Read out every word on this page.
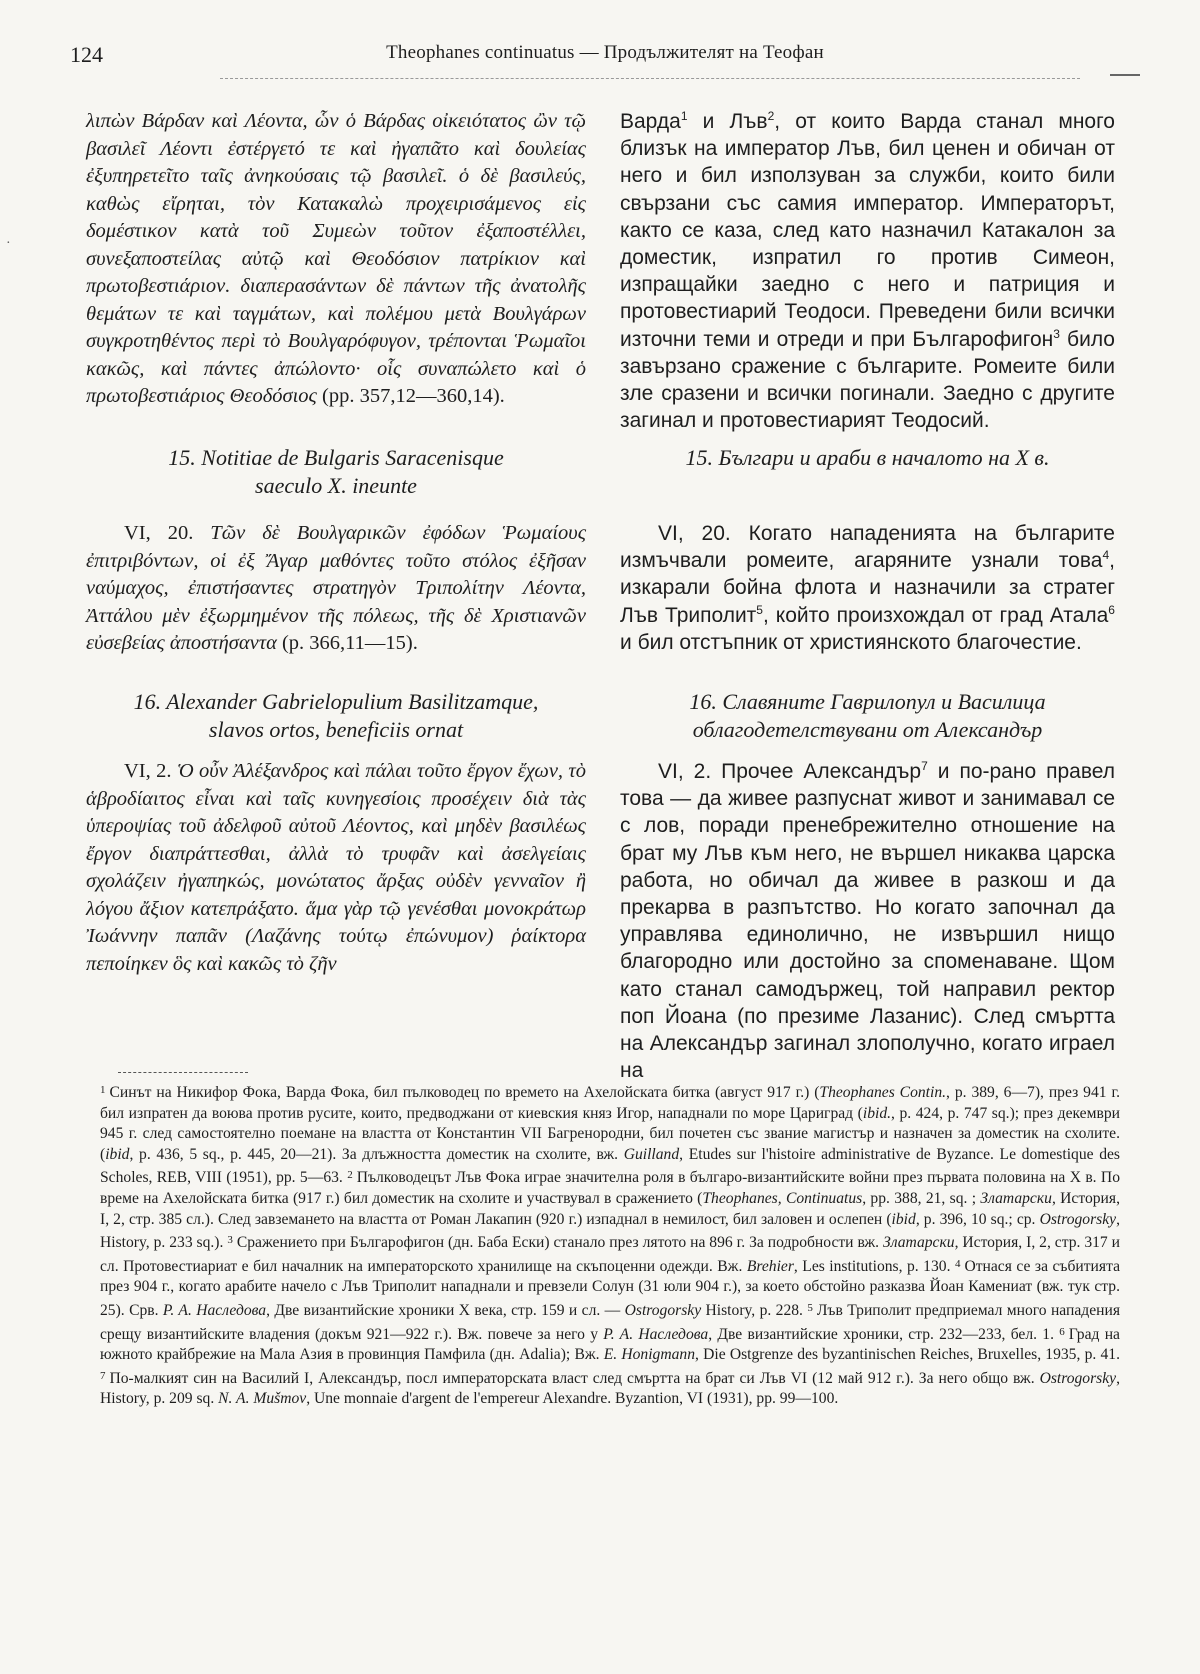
124	Theophanes continuatus — Продължителят на Теофан
·

λιπὼν Βάρδαν καὶ Λέοντα, ὧν ὁ Βάρδας οἰκειότατος ὢν τῷ βασιλεῖ Λέοντι ἐστέργετό τε καὶ ἠγαπᾶτο καὶ δουλείας ἐξυπηρετεῖτο ταῖς ἀνηκούσαις τῷ βασιλεῖ. ὁ δὲ βασιλεύς, καθὼς εἴρηται, τὸν Κατακαλὼ προχειρισάμενος εἰς δομέστικον κατὰ τοῦ Συμεὼν τοῦτον ἐξαποστέλλει, συνεξαποστείλας αὐτῷ καὶ Θεοδόσιον πατρίκιον καὶ πρωτοβεστιάριον. διαπερασάντων δὲ πάντων τῆς ἀνατολῆς θεμάτων τε καὶ ταγμάτων, καὶ πολέμου μετὰ Βουλγάρων συγκροτηθέντος περὶ τὸ Βουλγαρόφυγον, τρέπονται Ῥωμαῖοι κακῶς, καὶ πάντες ἀπώλοντο· οἷς συναπώλετο καὶ ὁ πρωτοβεστιάριος Θεοδόσιος (pp. 357,12—360,14).

15. Notitiae de Bulgaris Saracenisque
saeculo X. ineunte

VI, 20. Τῶν δὲ Βουλγαρικῶν ἐφόδων Ῥωμαίους ἐπιτριβόντων, οἱ ἐξ Ἄγαρ μαθόντες τοῦτο στόλος ἐξῆσαν ναύμαχος, ἐπιστήσαντες στρατηγὸν Τριπολίτην Λέοντα, Ἀττάλου μὲν ἐξωρμημένον τῆς πόλεως, τῆς δὲ Χριστιανῶν εὐσεβείας ἀποστήσαντα (p. 366,11—15).

16. Alexander Gabrielopulium Basilitzamque,
slavos ortos, beneficiis ornat

VI, 2. Ὁ οὖν Ἀλέξανδρος καὶ πάλαι τοῦτο ἔργον ἔχων, τὸ ἁβροδίαιτος εἶναι καὶ ταῖς κυνηγεσίοις προσέχειν διὰ τὰς ὑπεροψίας τοῦ ἀδελφοῦ αὐτοῦ Λέοντος, καὶ μηδὲν βασιλέως ἔργον διαπράττεσθαι, ἀλλὰ τὸ τρυφᾶν καὶ ἀσελγείαις σχολάζειν ἠγαπηκώς, μονώτατος ἄρξας οὐδὲν γενναῖον ἢ λόγου ἄξιον κατεπράξατο. ἅμα γὰρ τῷ γενέσθαι μονοκράτωρ Ἰωάννην παπᾶν (Λαζάνης τούτῳ ἐπώνυμον) ῥαίκτορα πεποίηκεν ὃς καὶ κακῶς τὸ ζῆν

Варда$^1$ и Лъв$^2$, от които Варда станал много близък на император Лъв, бил ценен и обичан от него и бил използуван за служби, които били свързани със самия император. Императорът, както се каза, след като назначил Катакалон за доместик, изпратил го против Симеон, изпращайки заедно с него и патриция и протовестиарий Теодоси. Преведени били всички източни теми и отреди и при Българофигон$^3$ било завързано сражение с българите. Ромеите били зле сразени и всички погинали. Заедно с другите загинал и протовестиарият Теодосий.

15. Българи и араби в началото на X в.

VI, 20. Когато нападенията на българите измъчвали ромеите, агаряните узнали това$^4$, изкарали бойна флота и назначили за стратег Лъв Триполит$^5$, който произхождал от град Атала$^6$ и бил отстъпник от християнското благочестие.

16. Славяните Гаврилопул и Василица
облагодетелствувани от Александър

VI, 2. Прочее Александър$^7$ и по-рано правел това — да живее разпуснат живот и занимавал се с лов, поради пренебрежително отношение на брат му Лъв към него, не вършел никаква царска работа, но обичал да живее в разкош и да прекарва в разпътство. Но когато започнал да управлява единолично, не извършил нищо благородно или достойно за споменаване. Щом като станал самодържец, той направил ректор поп Йоана (по презиме Лазанис). След смъртта на Александър загинал злополучно, когато играел на

$^1$ Синът на Никифор Фока, Варда Фока, бил пълководец по времето на Ахелойската битка (август 917 г.) (Theophanes Contin., p. 389, 6—7), през 941 г. бил изпратен да воюва против русите, които, предводжани от киевския княз Игор, нападнали по море Цариград (ibid., p. 424, p. 747 sq.); през декември 945 г. след самостоятелно поемане на властта от Константин VII Багренородни, бил почетен със звание магистър и назначен за доместик на схолите. (ibid, p. 436, 5 sq., p. 445, 20—21). За длъжността доместик на схолите, вж. Guilland, Etudes sur l'histoire administrative de Byzance. Le domestique des Scholes, REB, VIII (1951), pp. 5—63. $^2$ Пълководецът Лъв Фока играе значителна роля в българо-византийските войни през първата половина на X в. По време на Ахелойската битка (917 г.) бил доместик на схолите и участвувал в сражението (Theophanes, Continuatus, pp. 388, 21, sq. ; Златарски, История, I, 2, стр. 385 сл.). След завземането на властта от Роман Лакапин (920 г.) изпаднал в немилост, бил заловен и ослепен (ibid, p. 396, 10 sq.; ср. Ostrogorsky, History, p. 233 sq.). $^3$ Сражението при Българофигон (дн. Баба Ески) станало през лятото на 896 г. За подробности вж. Златарски, История, I, 2, стр. 317 и сл. Протовестиариат е бил началник на императорското хранилище на скъпоценни одежди. Вж. Brehier, Les institutions, p. 130. $^4$ Отнася се за събитията през 904 г., когато арабите начело с Лъв Триполит нападнали и превзели Солун (31 юли 904 г.), за което обстойно разказва Йоан Камениат (вж. тук стр. 25). Срв. P. A. Наследова, Две византийские хроники X века, стр. 159 и сл. — Ostrogorsky History, p. 228. $^5$ Лъв Триполит предприемал много нападения срещу византийските владения (докъм 921—922 г.). Вж. повече за него у P. A. Наследова, Две византийские хроники, стр. 232—233, бел. 1. $^6$ Град на южното крайбрежие на Мала Азия в провинция Памфила (дн. Adalia); Вж. E. Honigmann, Die Ostgrenze des byzantinischen Reiches, Bruxelles, 1935, p. 41. $^7$ По-малкият син на Василий I, Александър, посл императорската власт след смъртта на брат си Лъв VI (12 май 912 г.). За него общо вж. Ostrogorsky, History, p. 209 sq. N. A. Mušmov, Une monnaie d'argent de l'empereur Alexandre. Byzantion, VI (1931), pp. 99—100.
